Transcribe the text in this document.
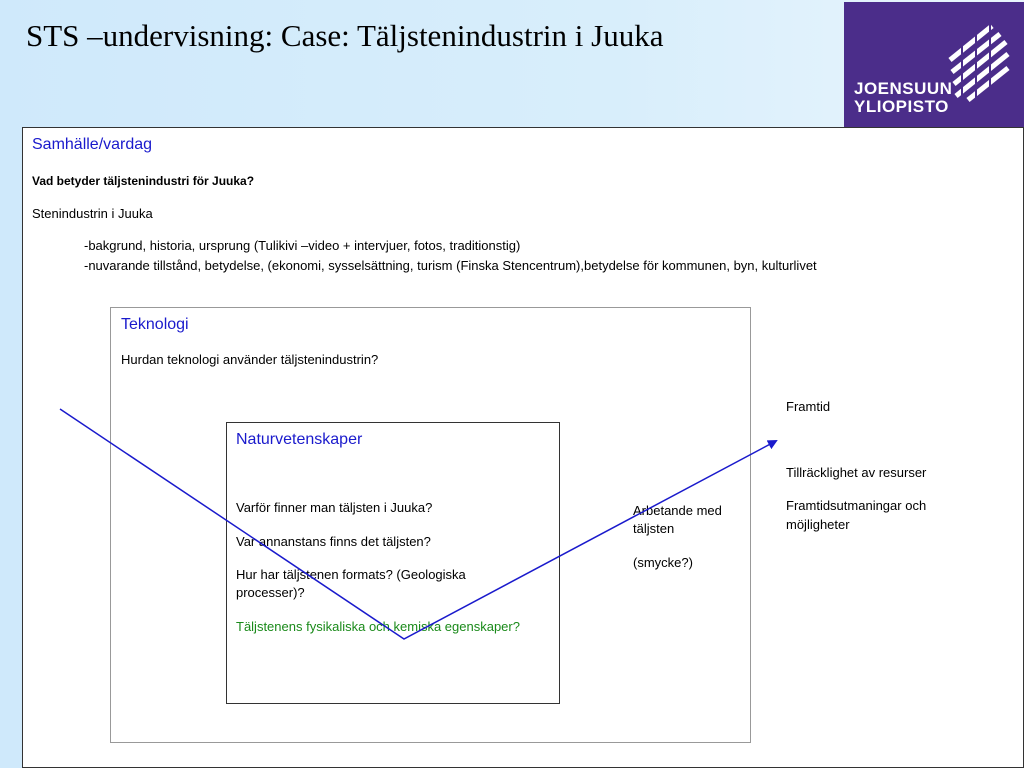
STS –undervisning: Case: Täljstenindustrin i Juuka
JOENSUUN
YLIOPISTO
Samhälle/vardag
Vad betyder täljstenindustri för Juuka?
Stenindustrin i Juuka
-bakgrund, historia, ursprung (Tulikivi –video + intervjuer, fotos, traditionstig)
-nuvarande tillstånd, betydelse, (ekonomi, sysselsättning, turism (Finska Stencentrum),betydelse för kommunen, byn, kulturlivet
Teknologi
Hurdan teknologi använder täljstenindustrin?
Naturvetenskaper
Varför finner man täljsten i Juuka?
Var annanstans finns det täljsten?
Hur har täljstenen formats? (Geologiska
processer)?
Täljstenens fysikaliska och kemiska egenskaper?
Arbetande med
täljsten
(smycke?)
Framtid
Tillräcklighet av resurser
Framtidsutmaningar och
möjligheter
